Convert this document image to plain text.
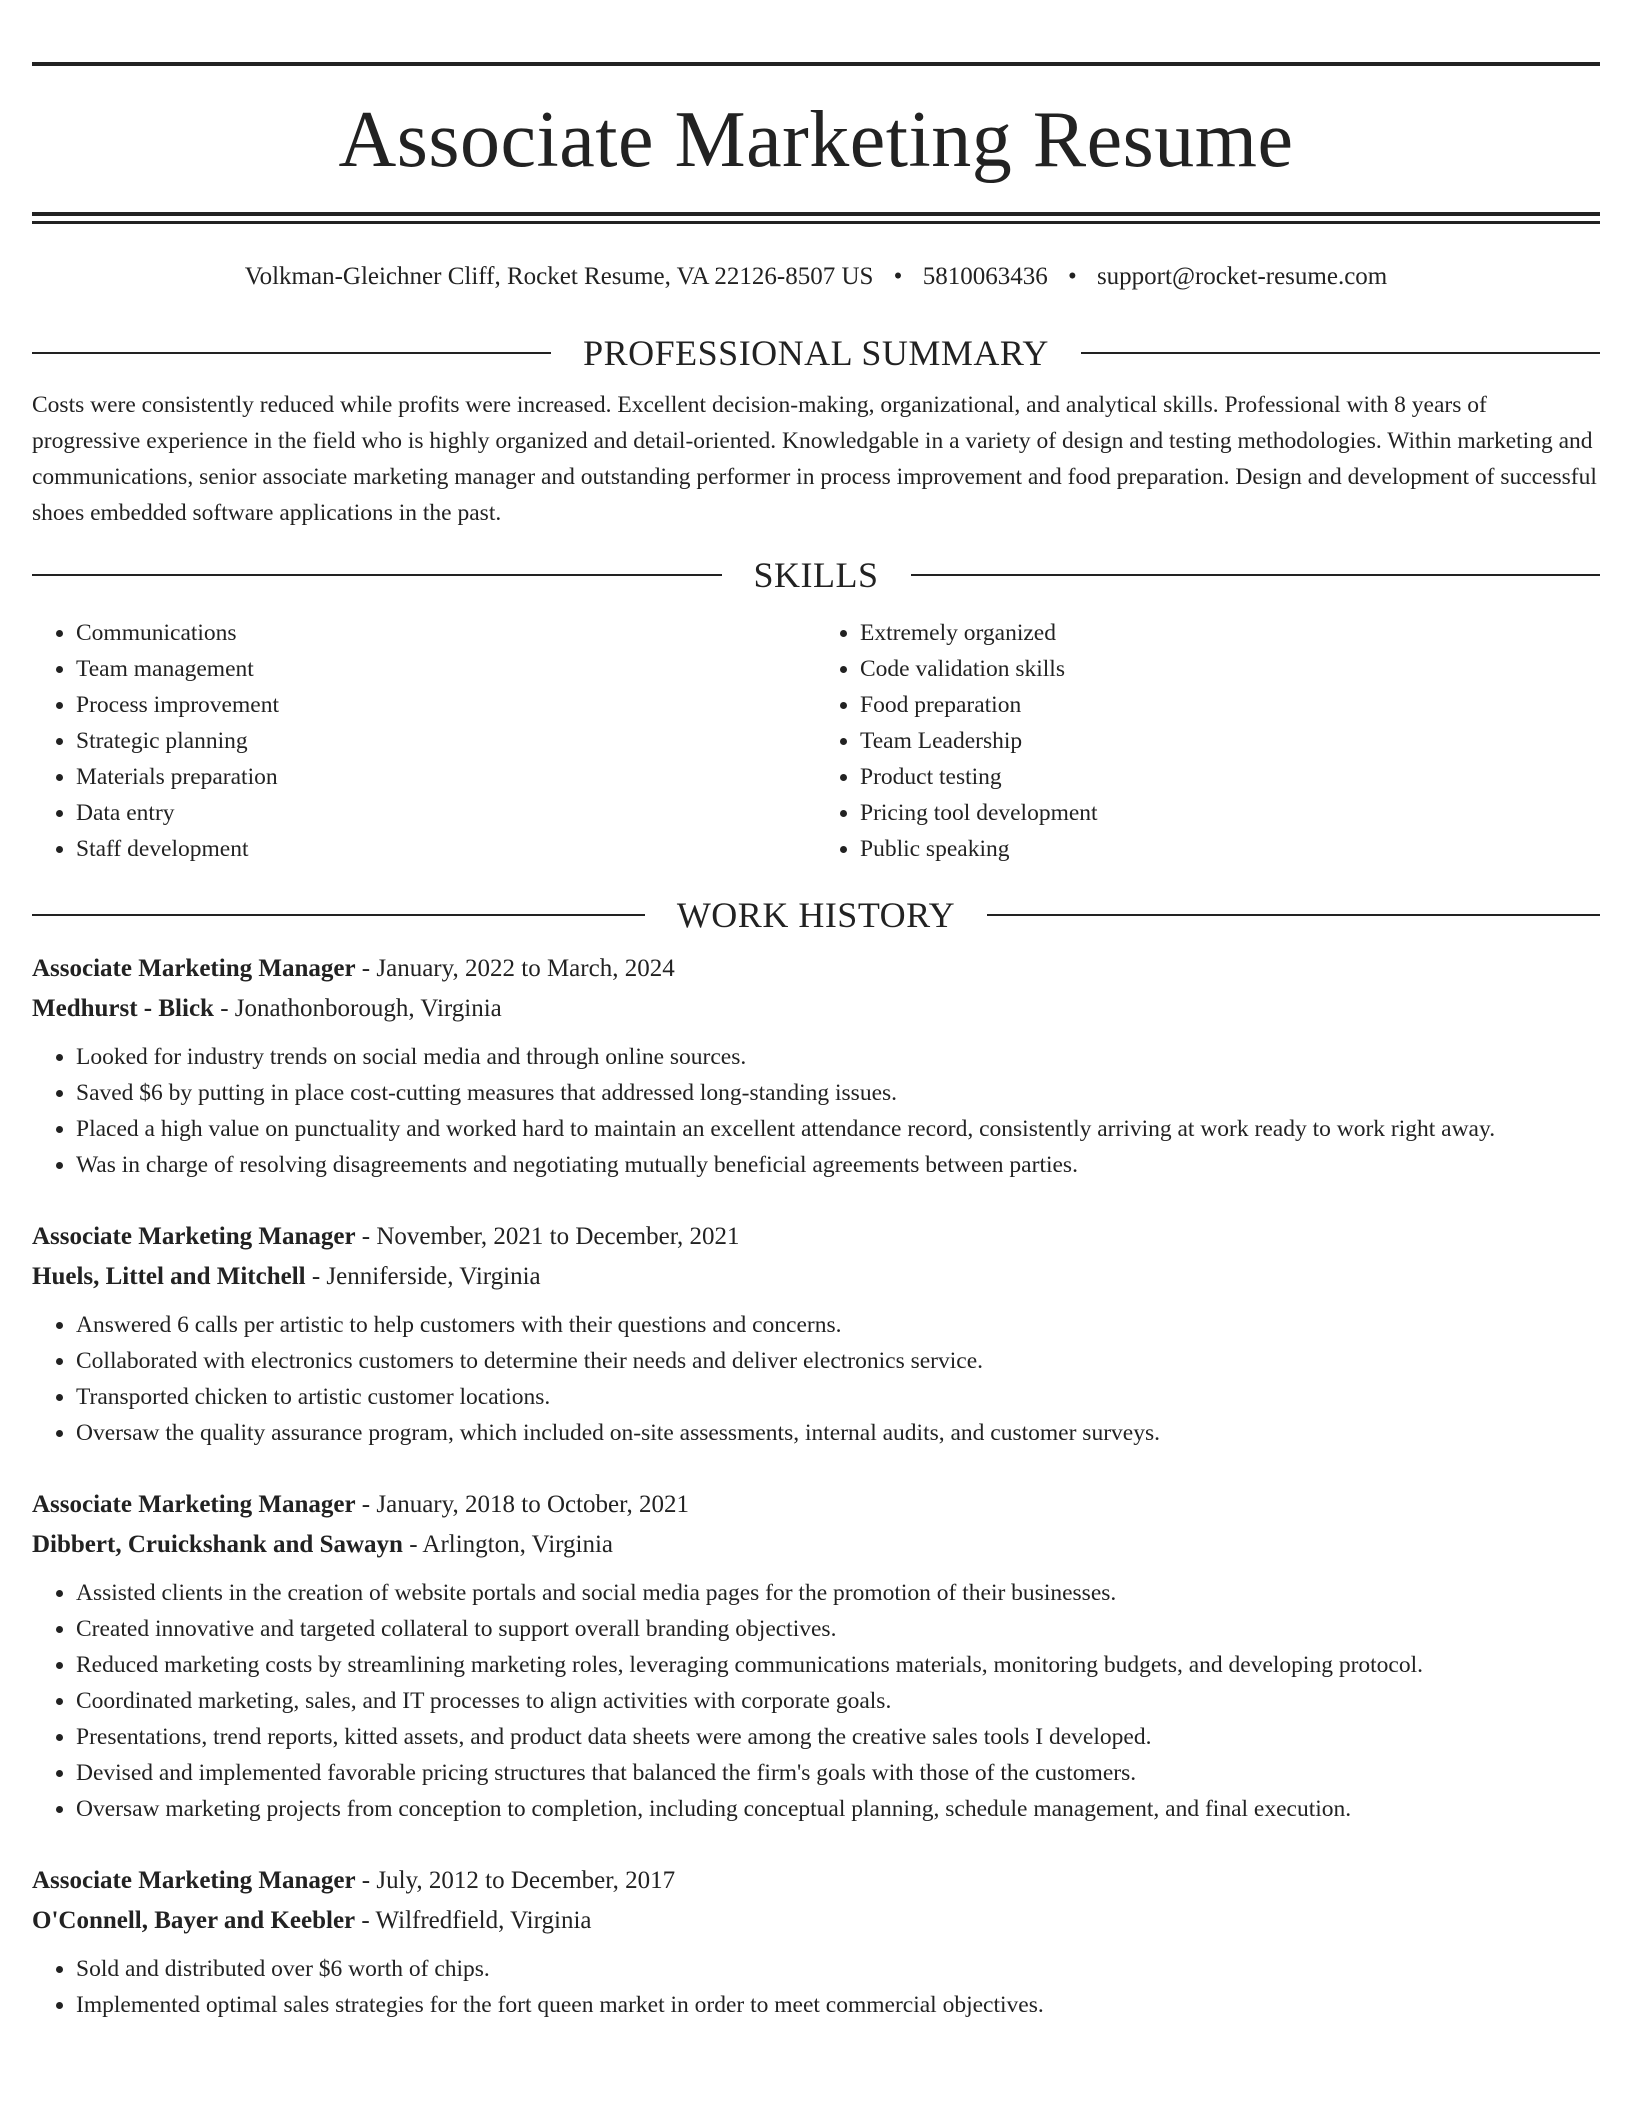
Associate Marketing Resume
Volkman-Gleichner Cliff, Rocket Resume, VA 22126-8507 US • 5810063436 • support@rocket-resume.com
PROFESSIONAL SUMMARY

Costs were consistently reduced while profits were increased. Excellent decision-making, organizational, and analytical skills. Professional with 8 years of progressive experience in the field who is highly organized and detail-oriented. Knowledgable in a variety of design and testing methodologies. Within marketing and communications, senior associate marketing manager and outstanding performer in process improvement and food preparation. Design and development of successful shoes embedded software applications in the past.

SKILLS
• Communications
• Team management
• Process improvement
• Strategic planning
• Materials preparation
• Data entry
• Staff development
• Extremely organized
• Code validation skills
• Food preparation
• Team Leadership
• Product testing
• Pricing tool development
• Public speaking
WORK HISTORY
Associate Marketing Manager - January, 2022 to March, 2024
Medhurst - Blick - Jonathonborough, Virginia
• Looked for industry trends on social media and through online sources.
• Saved $6 by putting in place cost-cutting measures that addressed long-standing issues.
• Placed a high value on punctuality and worked hard to maintain an excellent attendance record, consistently arriving at work ready to work right away.
• Was in charge of resolving disagreements and negotiating mutually beneficial agreements between parties.
Associate Marketing Manager - November, 2021 to December, 2021
Huels, Littel and Mitchell - Jenniferside, Virginia
• Answered 6 calls per artistic to help customers with their questions and concerns.
• Collaborated with electronics customers to determine their needs and deliver electronics service.
• Transported chicken to artistic customer locations.
• Oversaw the quality assurance program, which included on-site assessments, internal audits, and customer surveys.
Associate Marketing Manager - January, 2018 to October, 2021
Dibbert, Cruickshank and Sawayn - Arlington, Virginia
• Assisted clients in the creation of website portals and social media pages for the promotion of their businesses.
• Created innovative and targeted collateral to support overall branding objectives.
• Reduced marketing costs by streamlining marketing roles, leveraging communications materials, monitoring budgets, and developing protocol.
• Coordinated marketing, sales, and IT processes to align activities with corporate goals.
• Presentations, trend reports, kitted assets, and product data sheets were among the creative sales tools I developed.
• Devised and implemented favorable pricing structures that balanced the firm's goals with those of the customers.
• Oversaw marketing projects from conception to completion, including conceptual planning, schedule management, and final execution.
Associate Marketing Manager - July, 2012 to December, 2017
O'Connell, Bayer and Keebler - Wilfredfield, Virginia
• Sold and distributed over $6 worth of chips.
• Implemented optimal sales strategies for the fort queen market in order to meet commercial objectives.
